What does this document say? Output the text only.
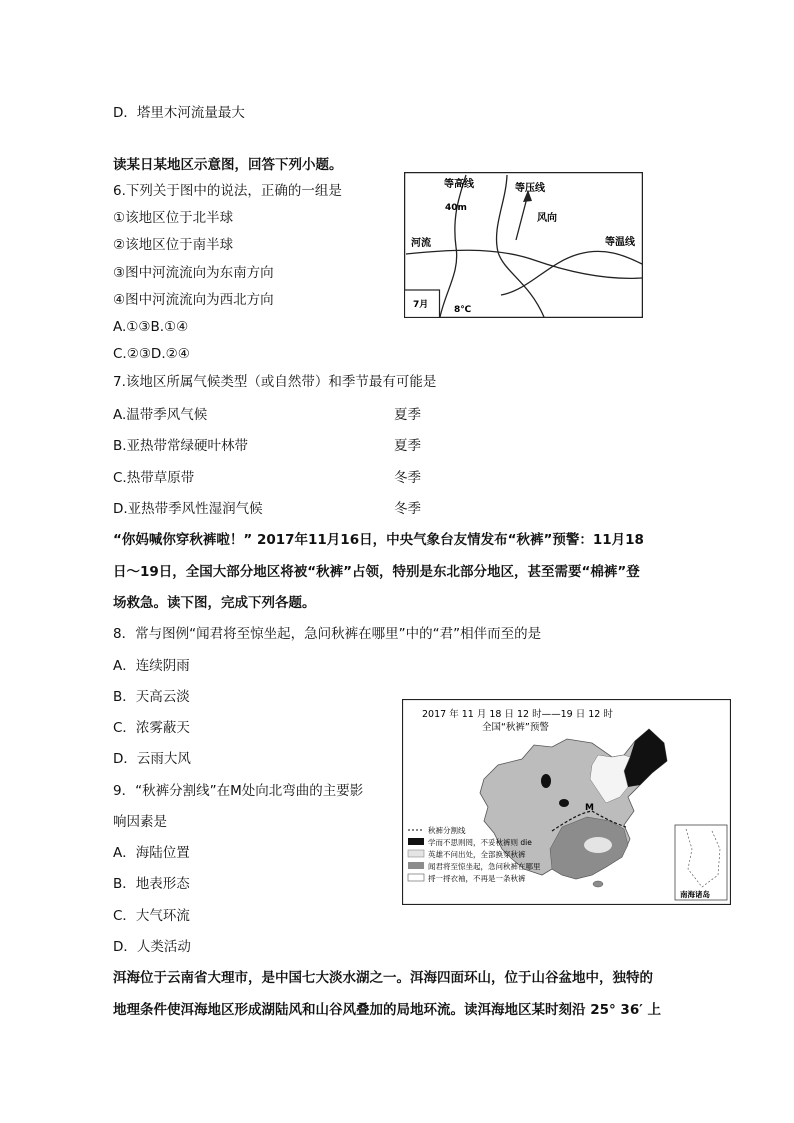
D．塔里木河流量最大
读某日某地区示意图，回答下列小题。
6.下列关于图中的说法，正确的一组是
①该地区位于北半球
②该地区位于南半球
③图中河流流向为东南方向
④图中河流流向为西北方向
A.①③B.①④
C.②③D.②④
7.该地区所属气候类型（或自然带）和季节最有可能是
A.温带季风气候	夏季
B.亚热带常绿硬叶林带	夏季
C.热带草原带	冬季
D.亚热带季风性湿润气候	冬季
“你妈喊你穿秋裤啦！” 2017年11月16日，中央气象台友情发布“秋裤”预警：11月18
日～19日，全国大部分地区将被“秋裤”占领，特别是东北部分地区，甚至需要“棉裤”登
场救急。读下图，完成下列各题。
8．常与图例“闻君将至惊坐起，急问秋裤在哪里”中的“君”相伴而至的是
A．连续阴雨
B．天高云淡
C．浓雾蔽天
D．云雨大风
9．“秋裤分割线”在M处向北弯曲的主要影
响因素是
A．海陆位置
B．地表形态
C．大气环流
D．人类活动
洱海位于云南省大理市，是中国七大淡水湖之一。洱海四面环山，位于山谷盆地中，独特的
地理条件使洱海地区形成湖陆风和山谷风叠加的局地环流。读洱海地区某时刻沿 25° 36′ 上
等高线
40m
等压线
风向
河流	等温线
7月	8℃
2017 年 11 月 18 日 12 时——19 日 12 时
全国“秋裤”预警
M
秋裤分割线
学而不思则罔，不妥秋裤则 die
英雄不问出处，全部换穿秋裤
闻君将至惊坐起，急问秋裤在哪里
捋一捋衣袖，不再是一条秋裤
南海诸岛
